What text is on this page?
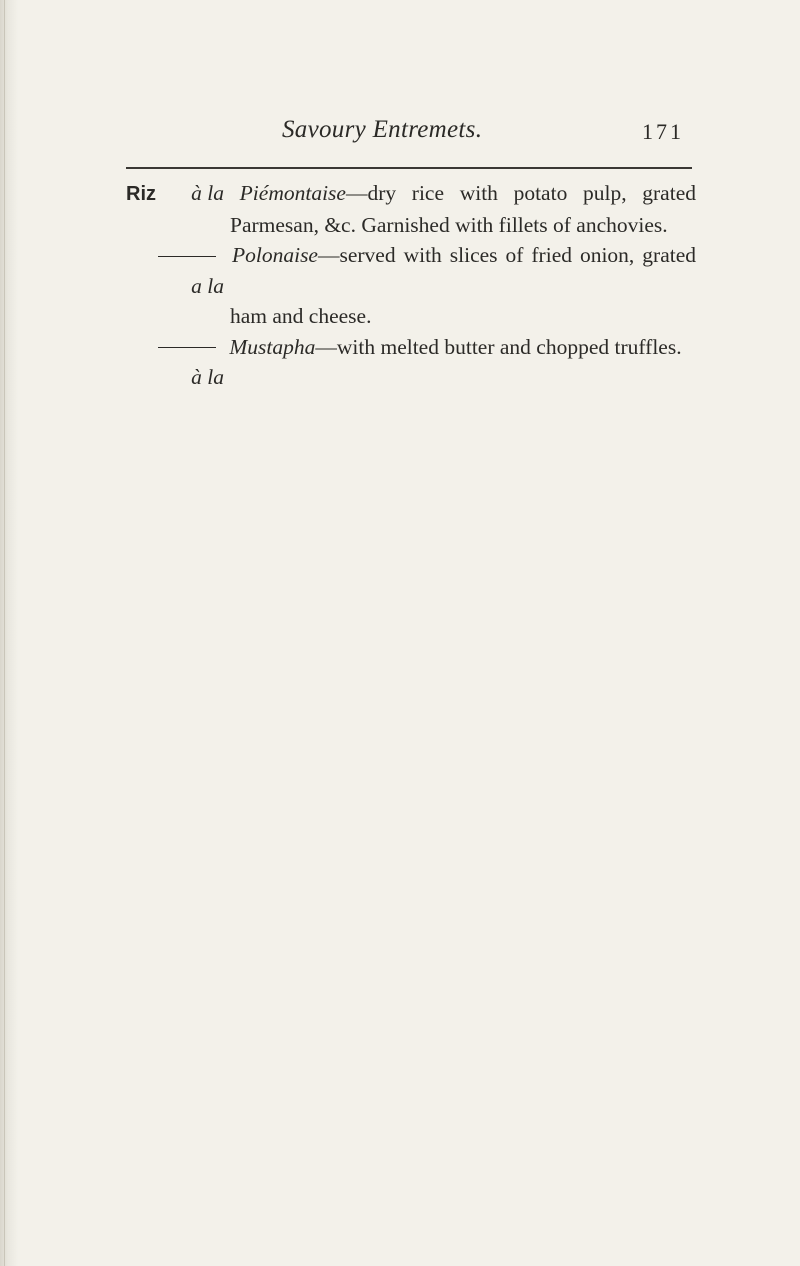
Savoury Entremets.	171

Riz à la Piémontaise—dry rice with potato pulp, grated Parmesan, &c. Garnished with fillets of anchovies.

a la
Polonaise—served with slices of fried onion, grated ham and cheese.

à la
Mustapha—with melted butter and chopped truffles.
